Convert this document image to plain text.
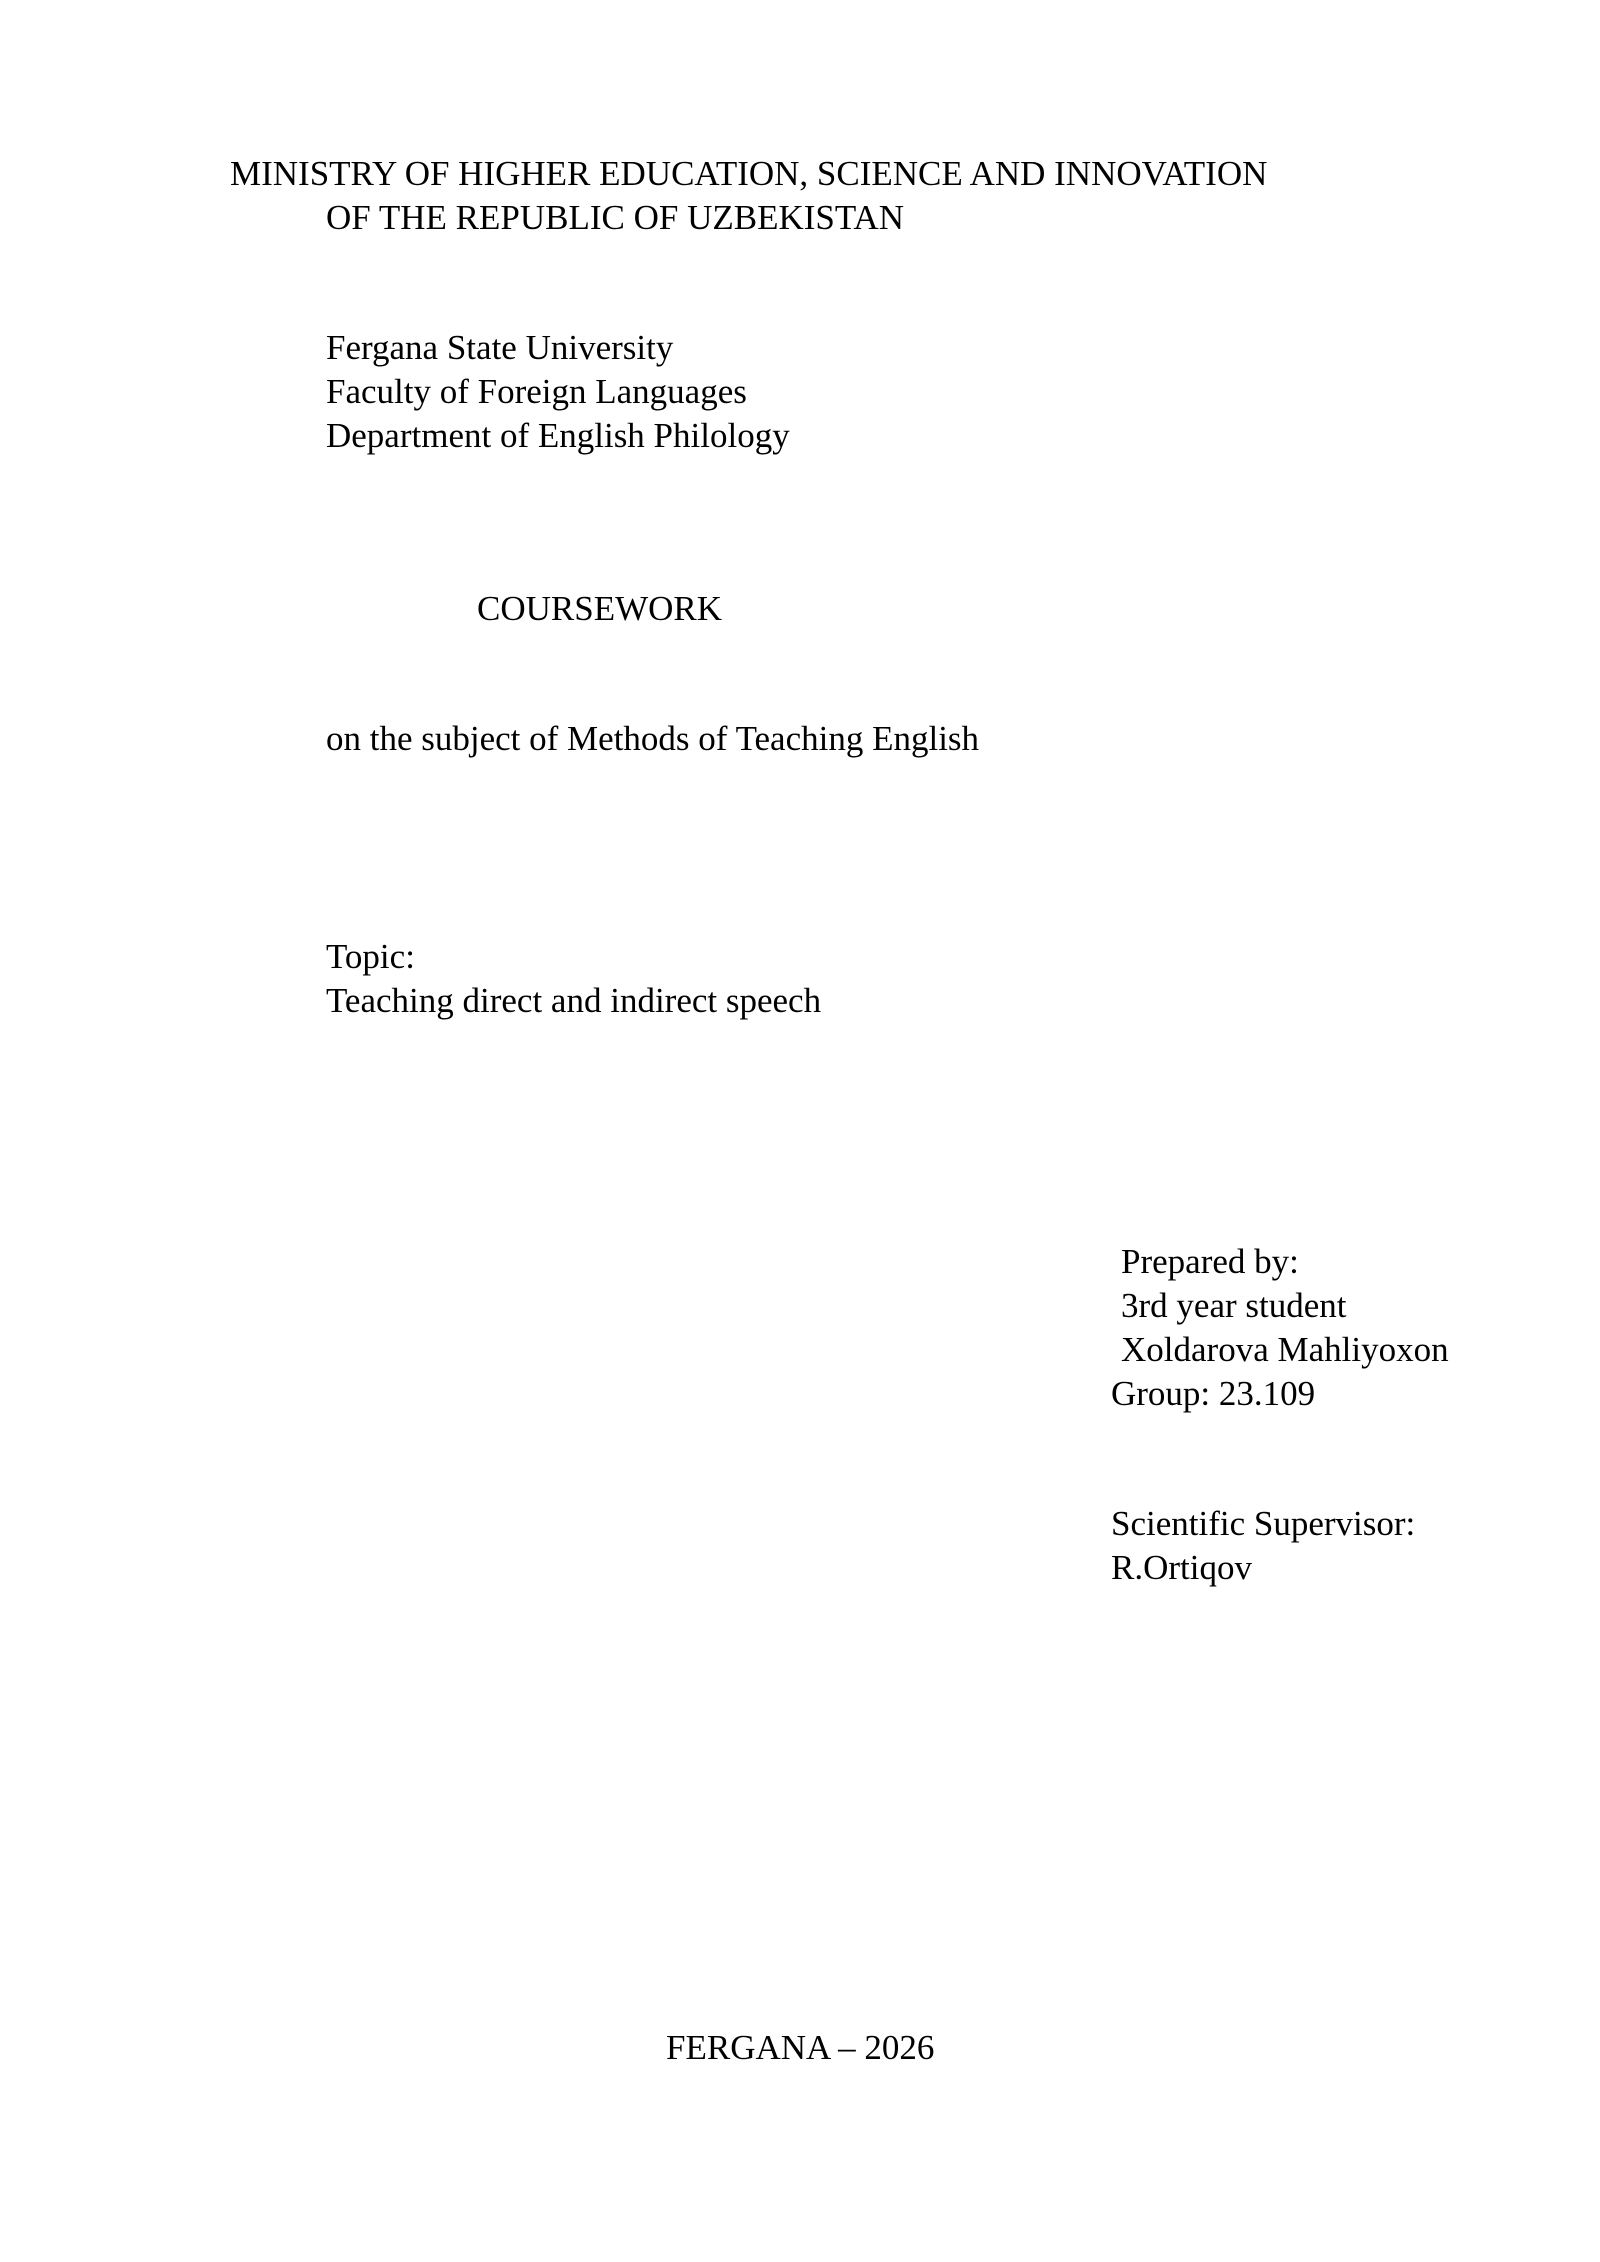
MINISTRY OF HIGHER EDUCATION, SCIENCE AND INNOVATION

OF THE REPUBLIC OF UZBEKISTAN

Fergana State University

Faculty of Foreign Languages

Department of English Philology

COURSEWORK

on the subject of Methods of Teaching English

Topic:

Teaching direct and indirect speech

Prepared by:

3rd year student

Xoldarova Mahliyoxon

Group: 23.109

Scientific Supervisor:

R.Ortiqov

FERGANA – 2026
